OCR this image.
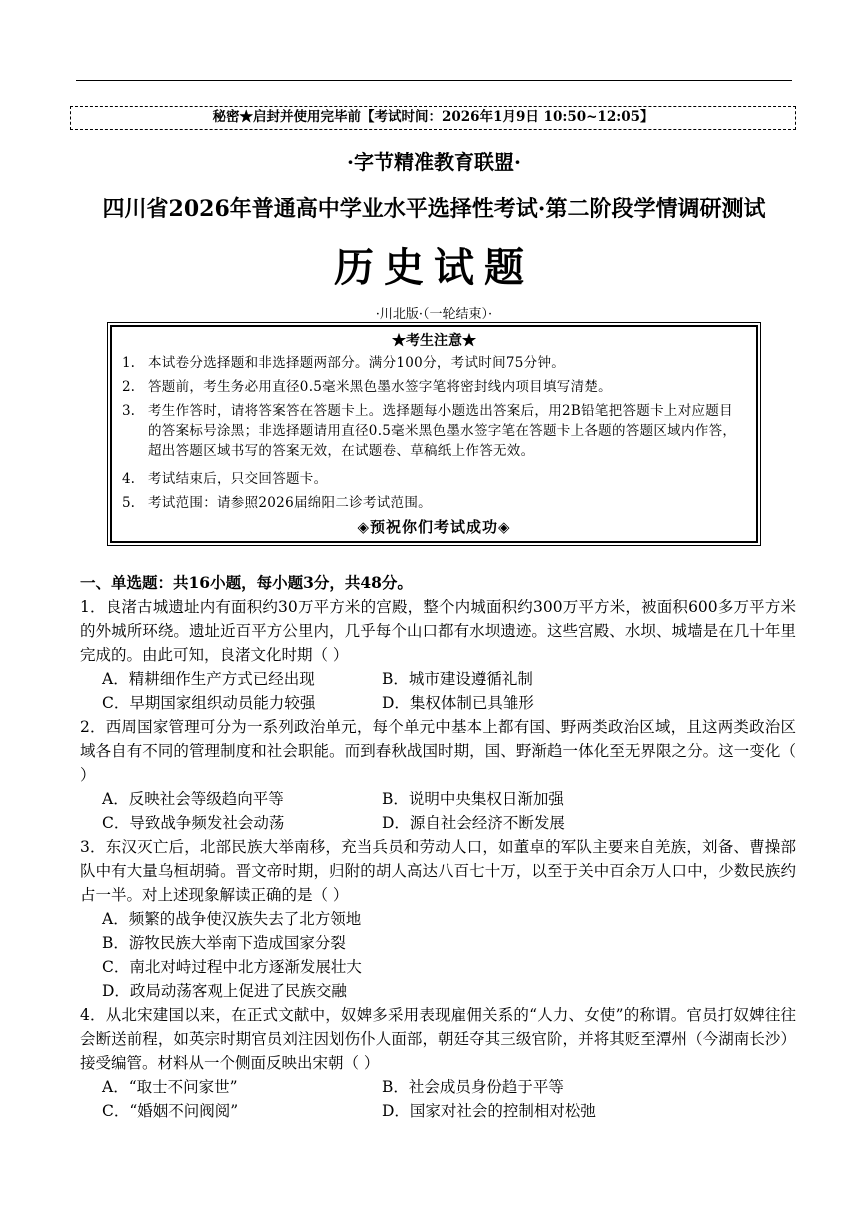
秘密★启封并使用完毕前【考试时间：2026年1月9日 10:50~12:05】
·字节精准教育联盟·
四川省2026年普通高中学业水平选择性考试·第二阶段学情调研测试
历史试题
·川北版·（一轮结束）·
★考生注意★
1. 本试卷分选择题和非选择题两部分。满分100分，考试时间75分钟。
2. 答题前，考生务必用直径0.5毫米黑色墨水签字笔将密封线内项目填写清楚。
3. 考生作答时，请将答案答在答题卡上。选择题每小题选出答案后，用2B铅笔把答题卡上对应题目的答案标号涂黑；非选择题请用直径0.5毫米黑色墨水签字笔在答题卡上各题的答题区域内作答，超出答题区域书写的答案无效，在试题卷、草稿纸上作答无效。
4. 考试结束后，只交回答题卡。
5. 考试范围：请参照2026届绵阳二诊考试范围。
◈预祝你们考试成功◈
一、单选题：共16小题，每小题3分，共48分。

1．良渚古城遗址内有面积约30万平方米的宫殿，整个内城面积约300万平方米，被面积600多万平方米的外城所环绕。遗址近百平方公里内，几乎每个山口都有水坝遗迹。这些宫殿、水坝、城墙是在几十年里完成的。由此可知，良渚文化时期（ ）

A．精耕细作生产方式已经出现	B．城市建设遵循礼制
C．早期国家组织动员能力较强	D．集权体制已具雏形

2．西周国家管理可分为一系列政治单元，每个单元中基本上都有国、野两类政治区域，且这两类政治区域各自有不同的管理制度和社会职能。而到春秋战国时期，国、野渐趋一体化至无界限之分。这一变化（ ）

A．反映社会等级趋向平等	B．说明中央集权日渐加强
C．导致战争频发社会动荡	D．源自社会经济不断发展

3．东汉灭亡后，北部民族大举南移，充当兵员和劳动人口，如董卓的军队主要来自羌族，刘备、曹操部队中有大量乌桓胡骑。晋文帝时期，归附的胡人高达八百七十万，以至于关中百余万人口中，少数民族约占一半。对上述现象解读正确的是（ ）

A．频繁的战争使汉族失去了北方领地
B．游牧民族大举南下造成国家分裂
C．南北对峙过程中北方逐渐发展壮大
D．政局动荡客观上促进了民族交融

4．从北宋建国以来，在正式文献中，奴婢多采用表现雇佣关系的“人力、女使”的称谓。官员打奴婢往往会断送前程，如英宗时期官员刘注因划伤仆人面部，朝廷夺其三级官阶，并将其贬至潭州（今湖南长沙）接受编管。材料从一个侧面反映出宋朝（ ）

A．“取士不问家世”	B．社会成员身份趋于平等
C．“婚姻不问阀阅”	D．国家对社会的控制相对松弛
